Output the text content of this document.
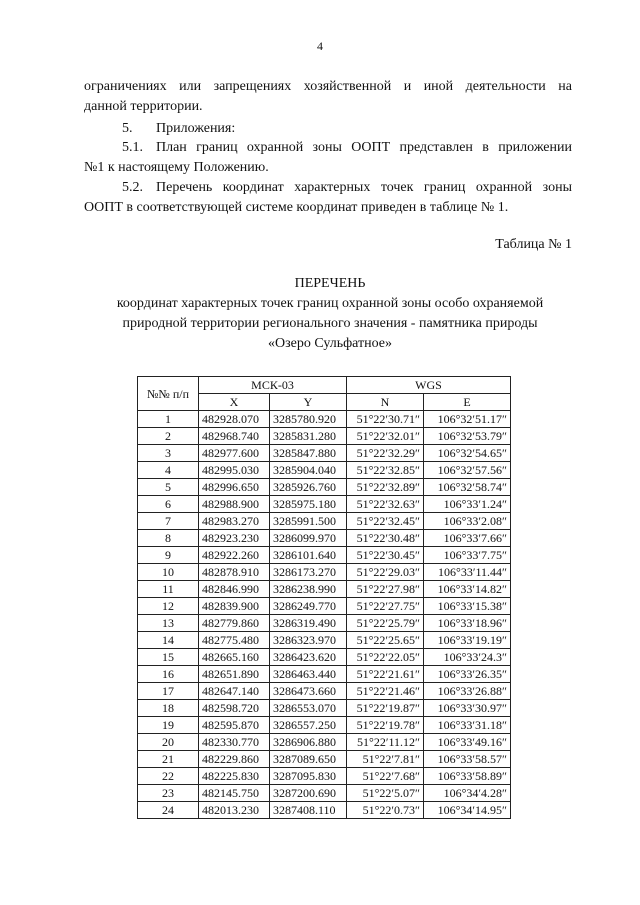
4
ограничениях или запрещениях хозяйственной и иной деятельности на
данной территории.
5. Приложения:
5.1. План границ охранной зоны ООПТ представлен в приложении
№1 к настоящему Положению.
5.2. Перечень координат характерных точек границ охранной зоны
ООПТ в соответствующей системе координат приведен в таблице № 1.
Таблица № 1
ПЕРЕЧЕНЬ
координат характерных точек границ охранной зоны особо охраняемой
природной территории регионального значения - памятника природы
«Озеро Сульфатное»
№№ п/п	МСК-03		WGS	
	X	Y	N	E
1	482928.070	3285780.920	51°22′30.71″	106°32′51.17″
2	482968.740	3285831.280	51°22′32.01″	106°32′53.79″
3	482977.600	3285847.880	51°22′32.29″	106°32′54.65″
4	482995.030	3285904.040	51°22′32.85″	106°32′57.56″
5	482996.650	3285926.760	51°22′32.89″	106°32′58.74″
6	482988.900	3285975.180	51°22′32.63″	106°33′1.24″
7	482983.270	3285991.500	51°22′32.45″	106°33′2.08″
8	482923.230	3286099.970	51°22′30.48″	106°33′7.66″
9	482922.260	3286101.640	51°22′30.45″	106°33′7.75″
10	482878.910	3286173.270	51°22′29.03″	106°33′11.44″
11	482846.990	3286238.990	51°22′27.98″	106°33′14.82″
12	482839.900	3286249.770	51°22′27.75″	106°33′15.38″
13	482779.860	3286319.490	51°22′25.79″	106°33′18.96″
14	482775.480	3286323.970	51°22′25.65″	106°33′19.19″
15	482665.160	3286423.620	51°22′22.05″	106°33′24.3″
16	482651.890	3286463.440	51°22′21.61″	106°33′26.35″
17	482647.140	3286473.660	51°22′21.46″	106°33′26.88″
18	482598.720	3286553.070	51°22′19.87″	106°33′30.97″
19	482595.870	3286557.250	51°22′19.78″	106°33′31.18″
20	482330.770	3286906.880	51°22′11.12″	106°33′49.16″
21	482229.860	3287089.650	51°22′7.81″	106°33′58.57″
22	482225.830	3287095.830	51°22′7.68″	106°33′58.89″
23	482145.750	3287200.690	51°22′5.07″	106°34′4.28″
24	482013.230	3287408.110	51°22′0.73″	106°34′14.95″
